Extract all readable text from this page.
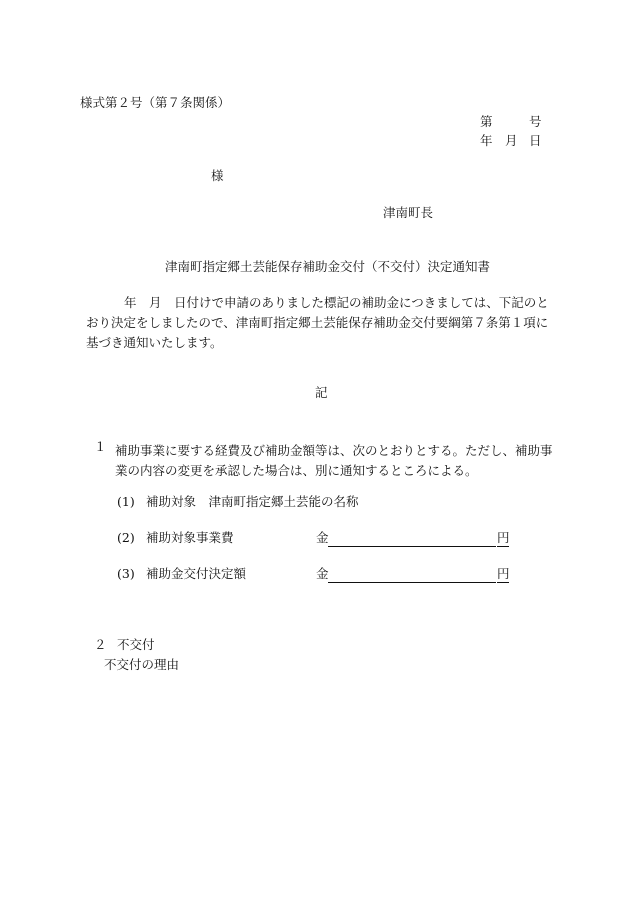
様式第２号（第７条関係）
第	号
年 月 日
様
津南町長
津南町指定郷土芸能保存補助金交付（不交付）決定通知書
年　月　日付けで申請のありました標記の補助金につきましては、下記のとおり決定をしましたので、津南町指定郷土芸能保存補助金交付要綱第７条第１項に基づき通知いたします。
記
１ 補助事業に要する経費及び補助金額等は、次のとおりとする。ただし、補助事業の内容の変更を承認した場合は、別に通知するところによる。
(1) 補助対象　津南町指定郷土芸能の名称
(2) 補助対象事業費	金	円
(3) 補助金交付決定額	金	円
２ 不交付
不交付の理由
